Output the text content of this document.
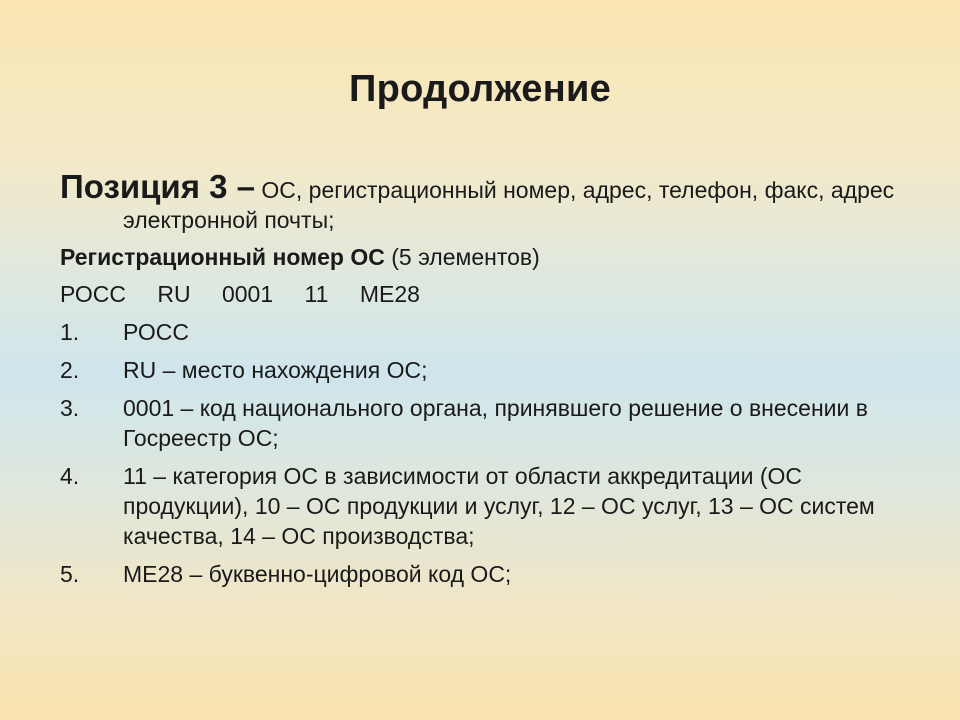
Продолжение

Позиция 3 – ОС, регистрационный номер, адрес, телефон, факс, адрес электронной почты;

Регистрационный номер ОС (5 элементов)
РОСС RU 0001 11 МЕ28
1. РОСС
2. RU – место нахождения ОС;
3. 0001 – код национального органа, принявшего решение о внесении в Госреестр ОС;
4. 11 – категория ОС в зависимости от области аккредитации (ОС продукции), 10 – ОС продукции и услуг, 12 – ОС услуг, 13 – ОС систем качества, 14 – ОС производства;
5. МЕ28 – буквенно-цифровой код ОС;
